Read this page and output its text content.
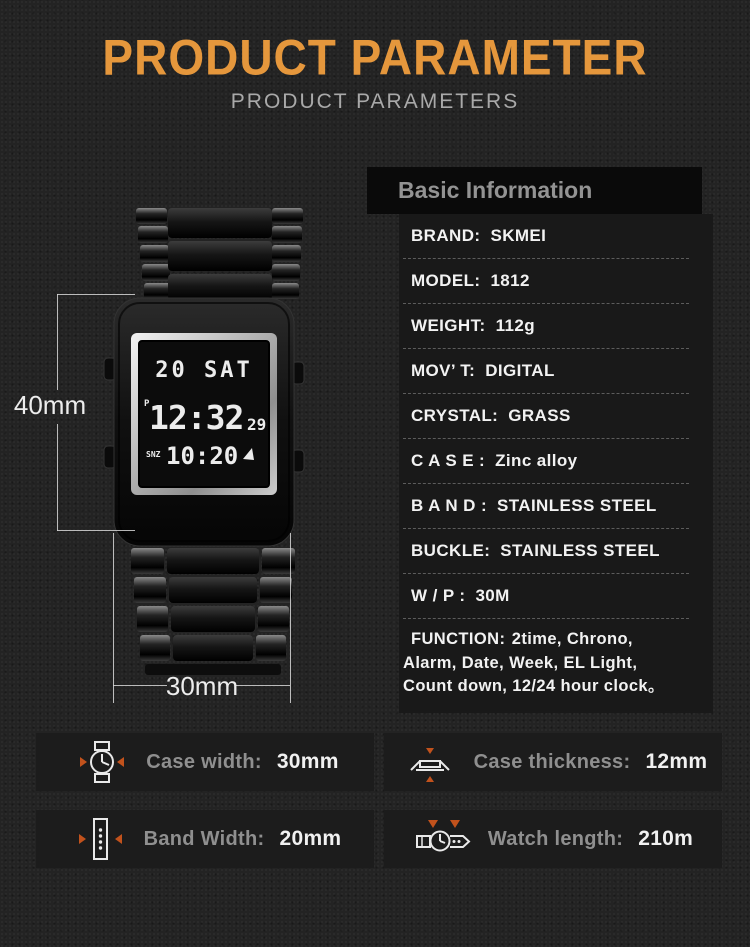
PRODUCT PARAMETER
PRODUCT PARAMETERS
20 SAT
P 12:32 29
SNZ 10:20
40mm
30mm
Basic Information
BRAND: SKMEI
MODEL: 1812
WEIGHT: 112g
MOV’ T: DIGITAL
CRYSTAL: GRASS
C A S E : Zinc alloy
B A N D : STAINLESS STEEL
BUCKLE: STAINLESS STEEL
W / P : 30M
FUNCTION: 2time, Chrono, Alarm, Date, Week, EL Light, Count down, 12/24 hour clock。
Case width: 30mm	Case thickness: 12mm
Band Width: 20mm	Watch length: 210m
